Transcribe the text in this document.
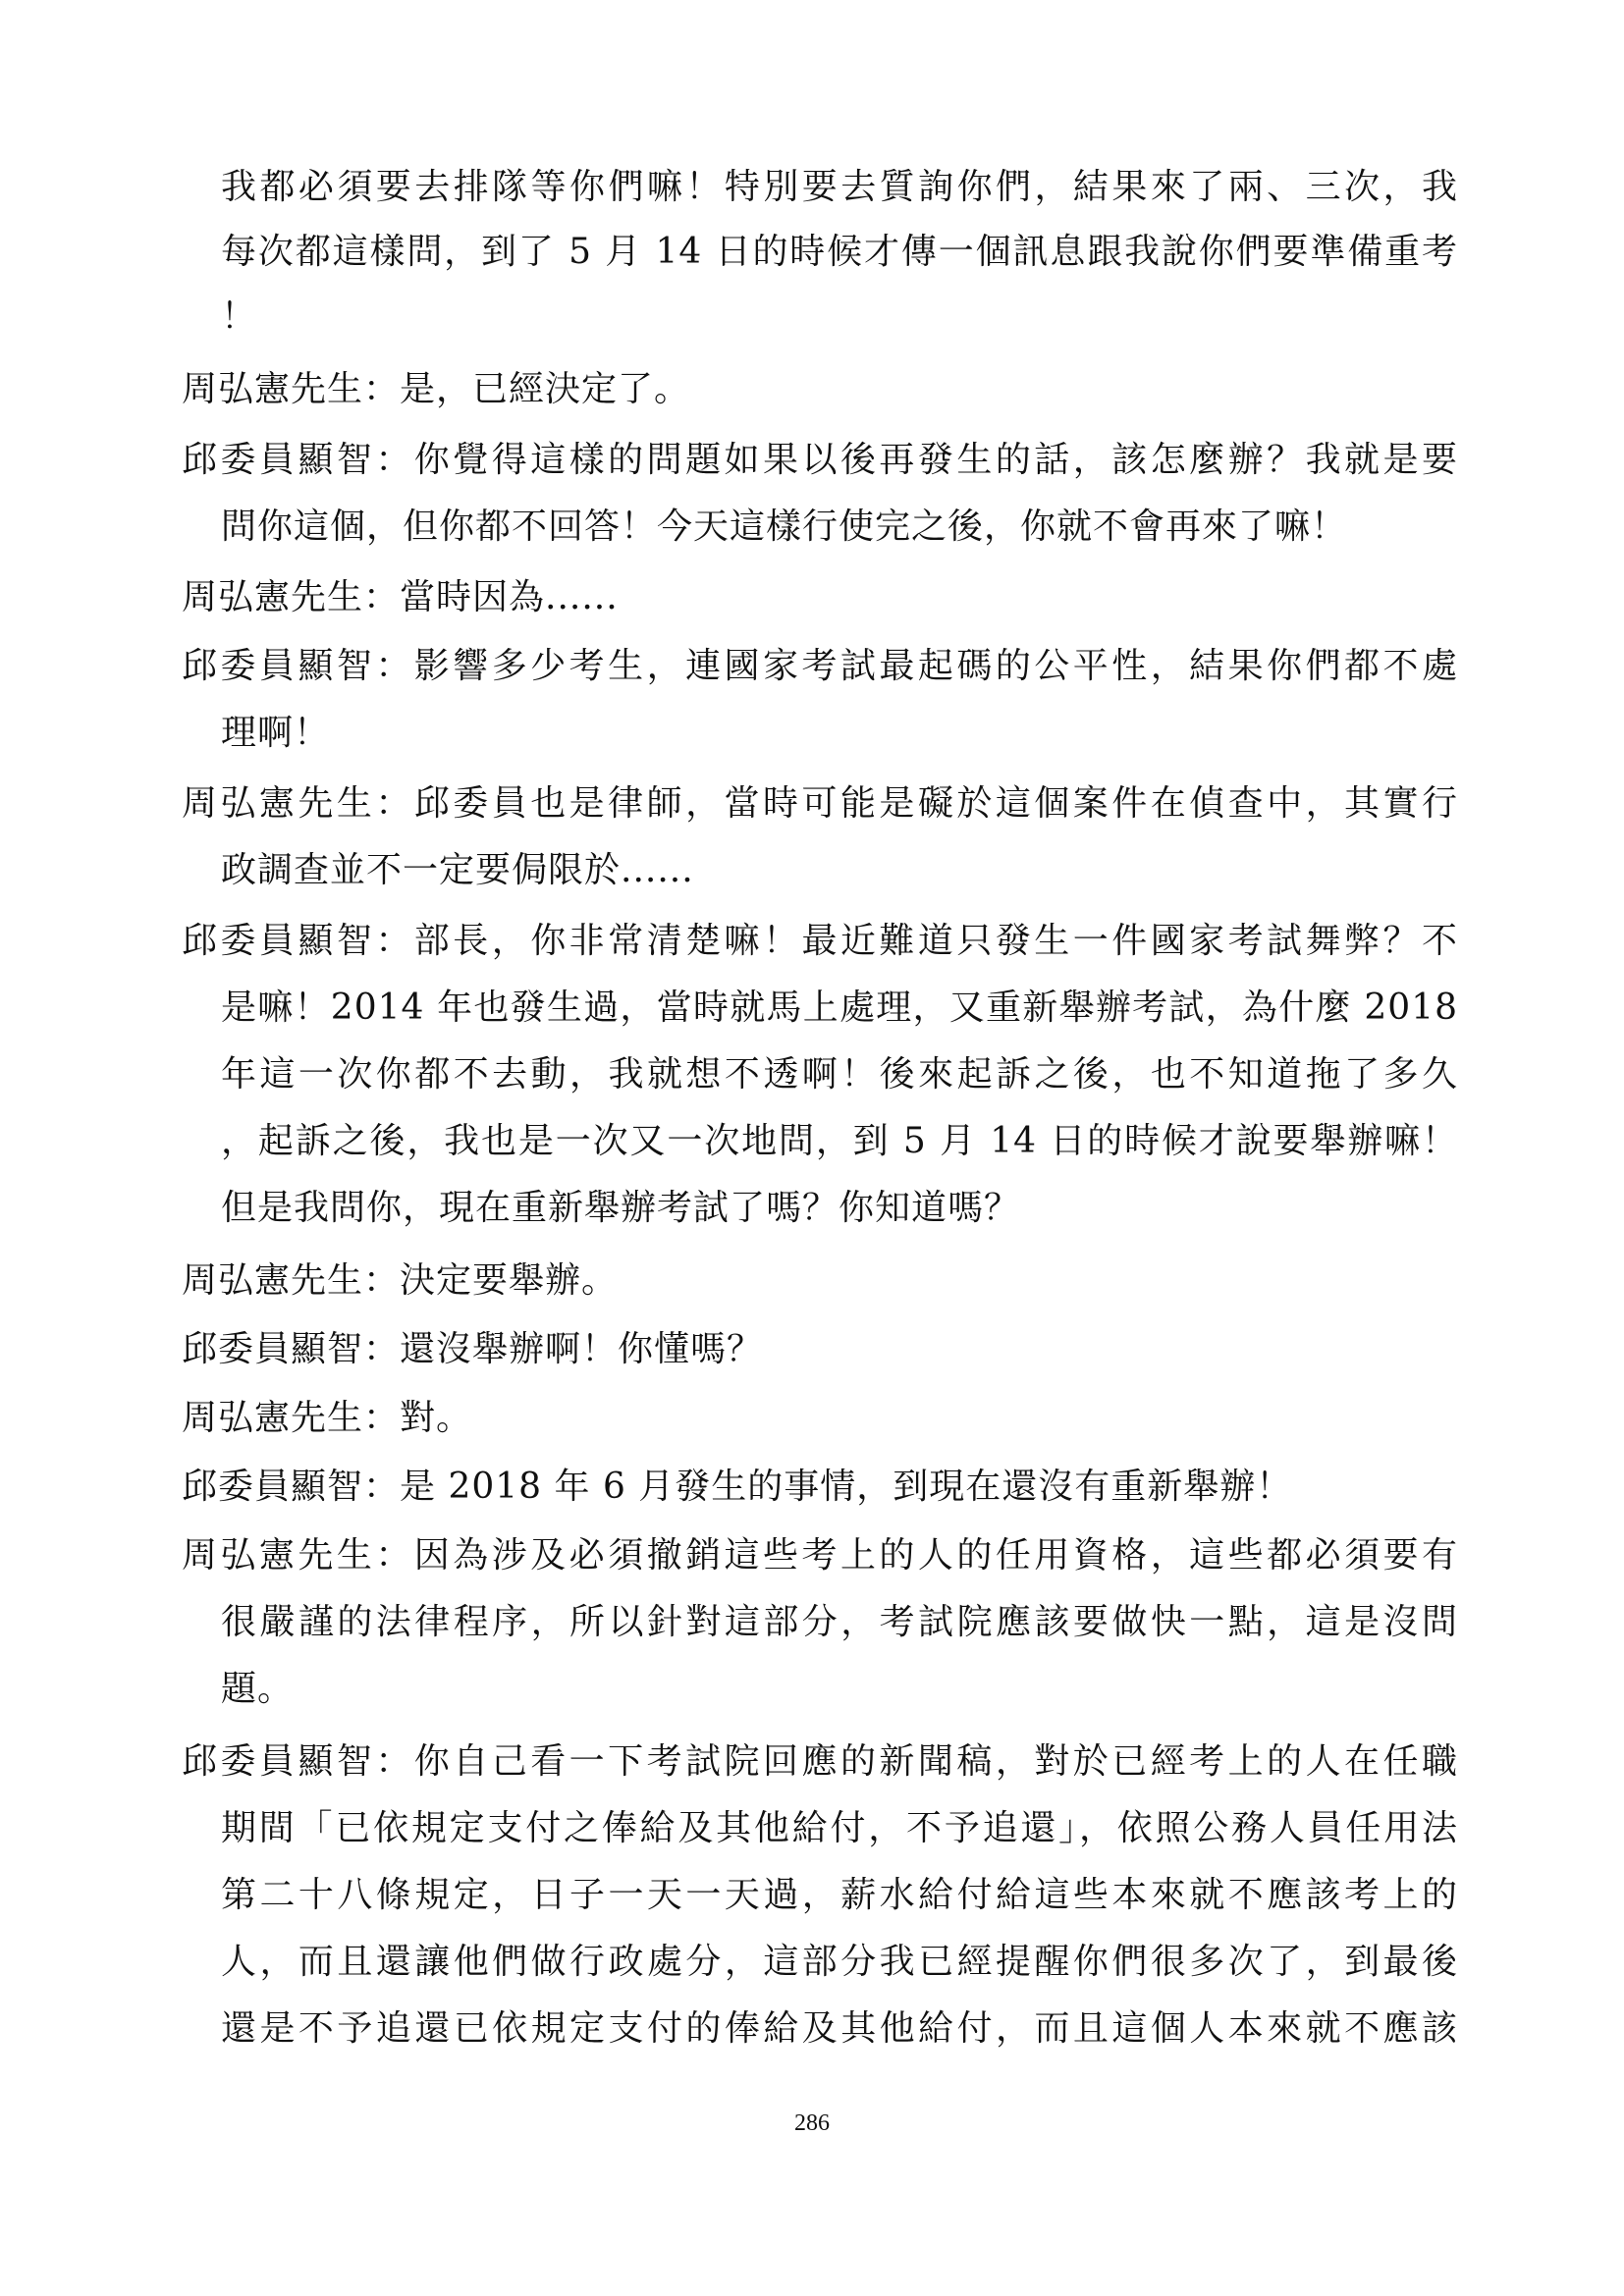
我都必須要去排隊等你們嘛！特別要去質詢你們，結果來了兩、三次，我
每次都這樣問，到了 5 月 14 日的時候才傳一個訊息跟我說你們要準備重考
！
周弘憲先生：是，已經決定了。
邱委員顯智：你覺得這樣的問題如果以後再發生的話，該怎麼辦？我就是要
問你這個，但你都不回答！今天這樣行使完之後，你就不會再來了嘛！
周弘憲先生：當時因為......
邱委員顯智：影響多少考生，連國家考試最起碼的公平性，結果你們都不處
理啊！
周弘憲先生：邱委員也是律師，當時可能是礙於這個案件在偵查中，其實行
政調查並不一定要侷限於......
邱委員顯智：部長，你非常清楚嘛！最近難道只發生一件國家考試舞弊？不
是嘛！2014 年也發生過，當時就馬上處理，又重新舉辦考試，為什麼 2018
年這一次你都不去動，我就想不透啊！後來起訴之後，也不知道拖了多久
，起訴之後，我也是一次又一次地問，到 5 月 14 日的時候才說要舉辦嘛！
但是我問你，現在重新舉辦考試了嗎？你知道嗎？
周弘憲先生：決定要舉辦。
邱委員顯智：還沒舉辦啊！你懂嗎？
周弘憲先生：對。
邱委員顯智：是 2018 年 6 月發生的事情，到現在還沒有重新舉辦！
周弘憲先生：因為涉及必須撤銷這些考上的人的任用資格，這些都必須要有
很嚴謹的法律程序，所以針對這部分，考試院應該要做快一點，這是沒問
題。
邱委員顯智：你自己看一下考試院回應的新聞稿，對於已經考上的人在任職
期間「已依規定支付之俸給及其他給付，不予追還」，依照公務人員任用法
第二十八條規定，日子一天一天過，薪水給付給這些本來就不應該考上的
人，而且還讓他們做行政處分，這部分我已經提醒你們很多次了，到最後
還是不予追還已依規定支付的俸給及其他給付，而且這個人本來就不應該
286
